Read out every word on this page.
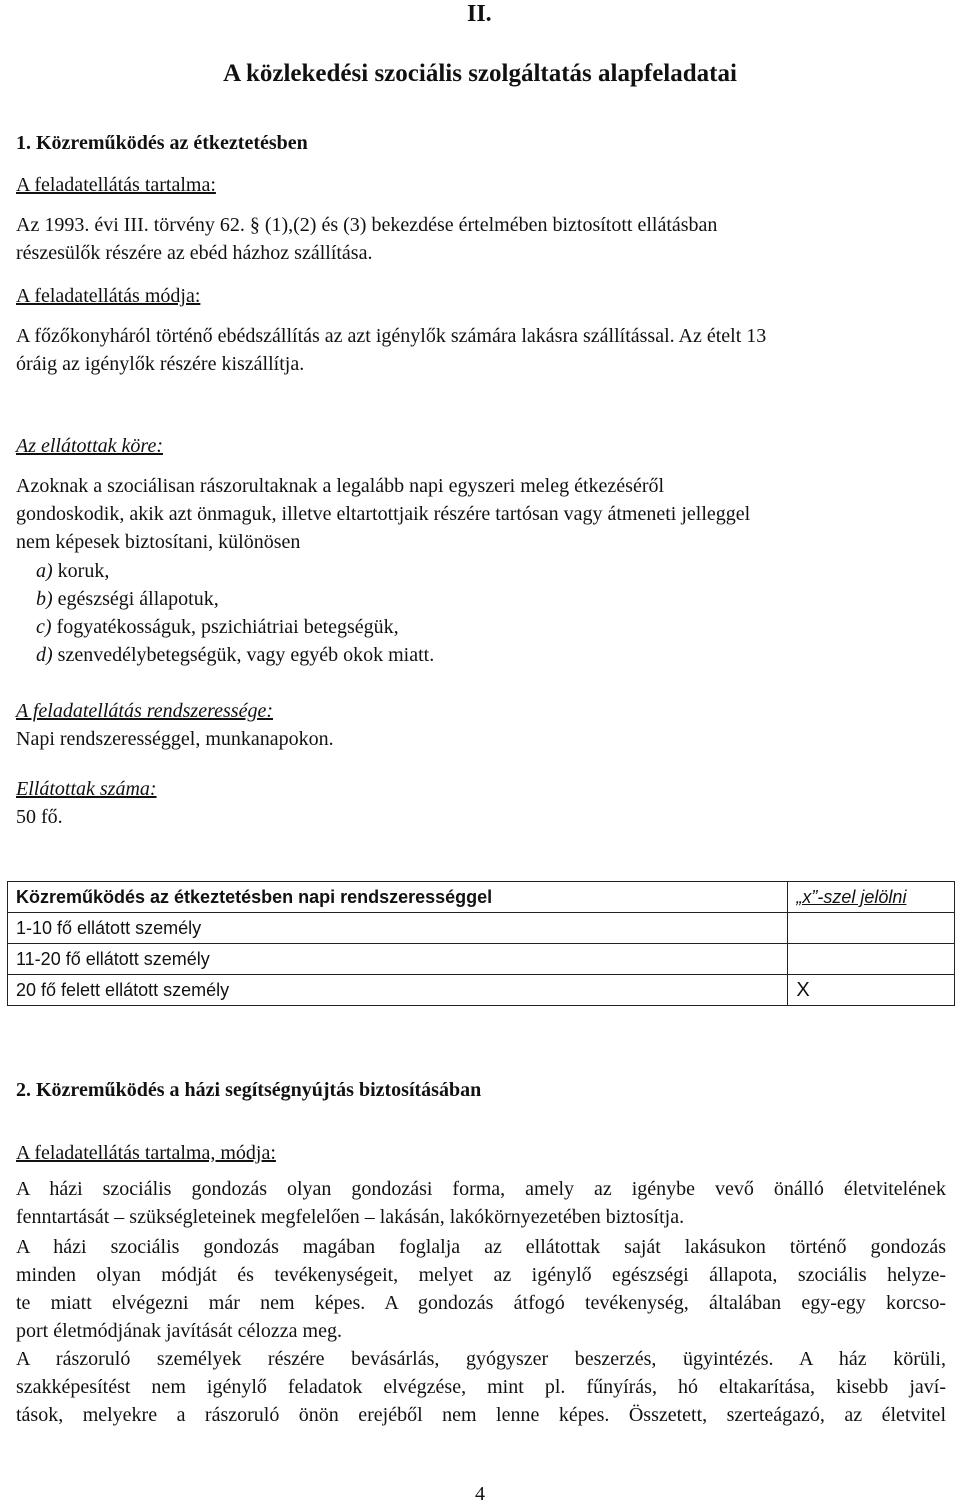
II.
A közlekedési szociális szolgáltatás alapfeladatai
1. Közreműködés az étkeztetésben
A feladatellátás tartalma:
Az 1993. évi III. törvény 62. § (1),(2) és (3) bekezdése értelmében biztosított ellátásban
részesülők részére az ebéd házhoz szállítása.
A feladatellátás módja:
A főzőkonyháról történő ebédszállítás az azt igénylők számára lakásra szállítással. Az ételt 13
óráig az igénylők részére kiszállítja.
Az ellátottak köre:
Azoknak a szociálisan rászorultaknak a legalább napi egyszeri meleg étkezéséről
gondoskodik, akik azt önmaguk, illetve eltartottjaik részére tartósan vagy átmeneti jelleggel
nem képesek biztosítani, különösen
a) koruk,
b) egészségi állapotuk,
c) fogyatékosságuk, pszichiátriai betegségük,
d) szenvedélybetegségük, vagy egyéb okok miatt.
A feladatellátás rendszeressége:
Napi rendszerességgel, munkanapokon.
Ellátottak száma:
50 fő.
Közreműködés az étkeztetésben napi rendszerességgel	„x”-szel jelölni
1-10 fő ellátott személy	
11-20 fő ellátott személy	
20 fő felett ellátott személy	X
2. Közreműködés a házi segítségnyújtás biztosításában
A feladatellátás tartalma, módja:
A házi szociális gondozás olyan gondozási forma, amely az igénybe vevő önálló életvitelének
fenntartását – szükségleteinek megfelelően – lakásán, lakókörnyezetében biztosítja.
A házi szociális gondozás magában foglalja az ellátottak saját lakásukon történő gondozás
minden olyan módját és tevékenységeit, melyet az igénylő egészségi állapota, szociális helyze-
te miatt elvégezni már nem képes. A gondozás átfogó tevékenység, általában egy-egy korcso-
port életmódjának javítását célozza meg.
A rászoruló személyek részére bevásárlás, gyógyszer beszerzés, ügyintézés. A ház körüli,
szakképesítést nem igénylő feladatok elvégzése, mint pl. fűnyírás, hó eltakarítása, kisebb javí-
tások, melyekre a rászoruló önön erejéből nem lenne képes. Összetett, szerteágazó, az életvitel
4
